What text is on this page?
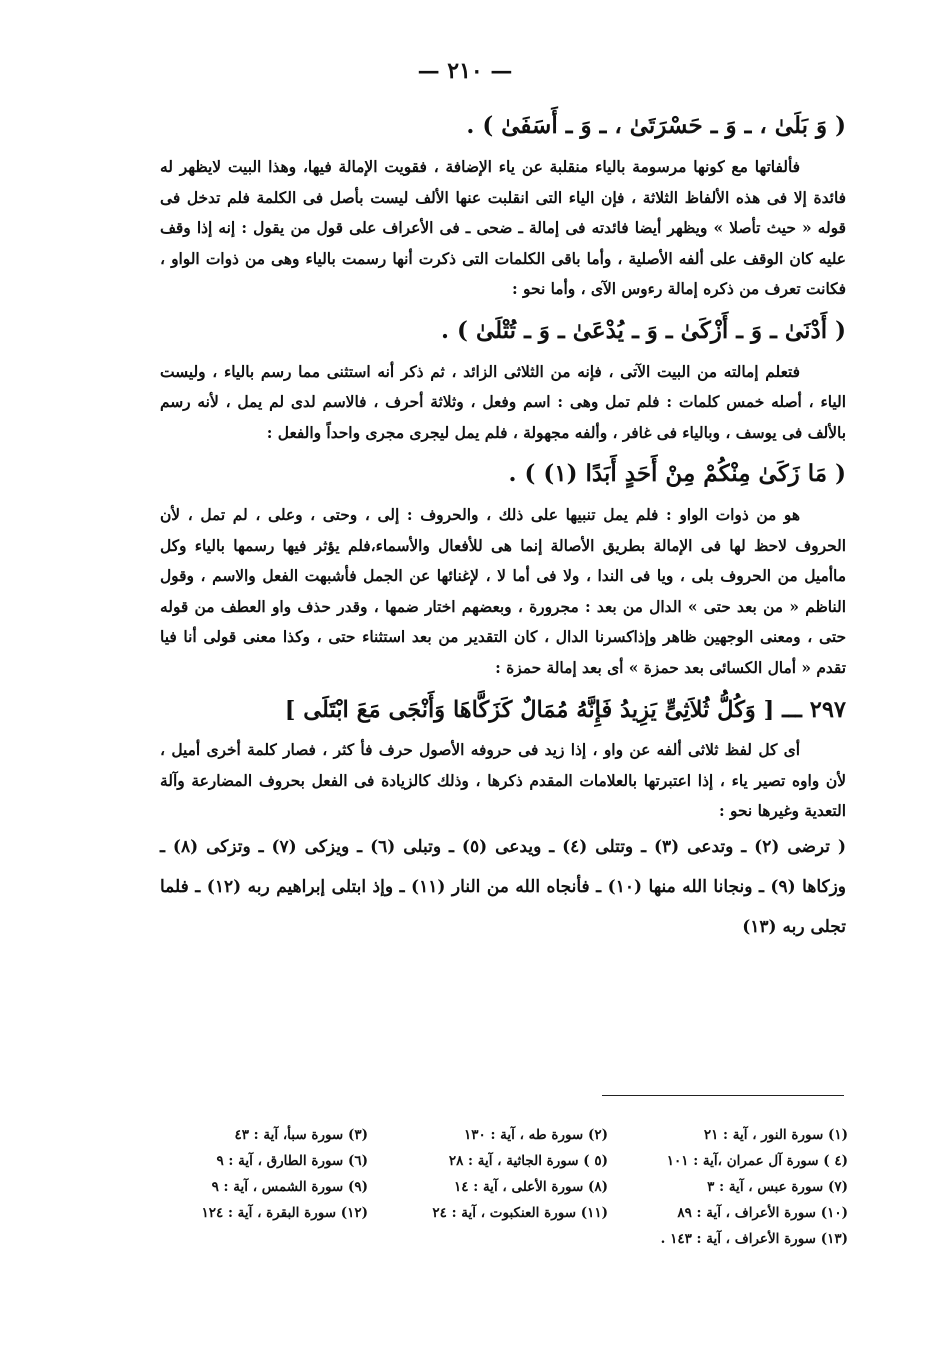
— ٢١٠ —
( وَ بَلَىٰ ، ـ وَ ـ حَسْرَتَىٰ ، ـ وَ ـ أَسَفَىٰ ) .

فألفاتها مع كونها مرسومة بالياء منقلبة عن ياء الإضافة ، فقويت الإمالة فيها، وهذا البيت لايظهر له فائدة إلا فى هذه الألفاظ الثلاثة ، فإن الياء التى انقلبت عنها الألف ليست بأصل فى الكلمة فلم تدخل فى قوله « حيث تأصلا » ويظهر أيضا فائدته فى إمالة ـ ضحى ـ فى الأعراف على قول من يقول : إنه إذا وقف عليه كان الوقف على ألفه الأصلية ، وأما باقى الكلمات التى ذكرت أنها رسمت بالياء وهى من ذوات الواو ، فكانت تعرف من ذكره إمالة رءوس الآى ، وأما نحو :

( أَدْنَىٰ ـ وَ ـ أَزْكَىٰ ـ وَ ـ يُدْعَىٰ ـ وَ ـ تُتْلَىٰ ) .

فتعلم إمالته من البيت الآتى ، فإنه من الثلاثى الزائد ، ثم ذكر أنه استثنى مما رسم بالياء ، وليست الياء ، أصله خمس كلمات : فلم تمل وهى : اسم وفعل ، وثلاثة أحرف ، فالاسم لدى لم يمل ، لأنه رسم بالألف فى يوسف ، وبالياء فى غافر ، وألفه مجهولة ، فلم يمل ليجرى مجرى واحداً والفعل :

( مَا زَكَىٰ مِنْكُمْ مِنْ أَحَدٍ أَبَدًا (١) ) .

هو من ذوات الواو : فلم يمل تنبيها على ذلك ، والحروف : إلى ، وحتى ، وعلى ، لم تمل ، لأن الحروف لاحظ لها فى الإمالة بطريق الأصالة إنما هى للأفعال والأسماء،فلم يؤثر فيها رسمها بالياء وكل ماأميل من الحروف بلى ، ويا فى الندا ، ولا فى أما لا ، لإغنائها عن الجمل فأشبهت الفعل والاسم ، وقول الناظم « من بعد حتى » الدال من بعد : مجرورة ، وبعضهم اختار ضمها ، وقدر حذف واو العطف من قوله حتى ، ومعنى الوجهين ظاهر وإذاكسرنا الدال ، كان التقدير من بعد استثناء حتى ، وكذا معنى قولى أنا فيا تقدم « أمال الكسائى بعد حمزة » أى بعد إمالة حمزة :

٢٩٧ ـــ [ وَكُلُّ ثُلاَثِىٍّ يَزِيدُ فَإِنَّهُ مُمَالٌ كَزَكَّاهَا وَأَنْجَى مَعَ ابْتَلَى ]

أى كل لفظ ثلاثى ألفه عن واو ، إذا زيد فى حروفه الأصول حرف فأ كثر ، فصار كلمة أخرى أميل ، لأن واوه تصير ياء ، إذا اعتبرتها بالعلامات المقدم ذكرها ، وذلك كالزيادة فى الفعل بحروف المضارعة وآلة التعدية وغيرها نحو :

( ترضى (٢) ـ وتدعى (٣) ـ وتتلى (٤) ـ ويدعى (٥) ـ وتبلى (٦) ـ ويزكى (٧) ـ وتزكى (٨) ـ وزكاها (٩) ـ ونجانا الله منها (١٠) ـ فأنجاه الله من النار (١١) ـ وإذ ابتلى إبراهيم ربه (١٢) ـ فلما تجلى ربه (١٣)

(١) سورة النور ، آية : ٢١
(٢) سورة طه ، آية : ١٣٠
(٣) سورة سبأ، آية : ٤٣
(٤ ) سورة آل عمران ،آية : ١٠١
(٥ ) سورة الجاثية ، آية : ٢٨
(٦) سورة الطارق ، آية : ٩
(٧) سورة عبس ، آية : ٣
(٨) سورة الأعلى ، آية : ١٤
(٩) سورة الشمس ، آية : ٩
(١٠) سورة الأعراف ، آية : ٨٩
(١١) سورة العنكبوت ، آية : ٢٤
(١٢) سورة البقرة ، آية : ١٢٤
(١٣) سورة الأعراف ، آية : ١٤٣ .
